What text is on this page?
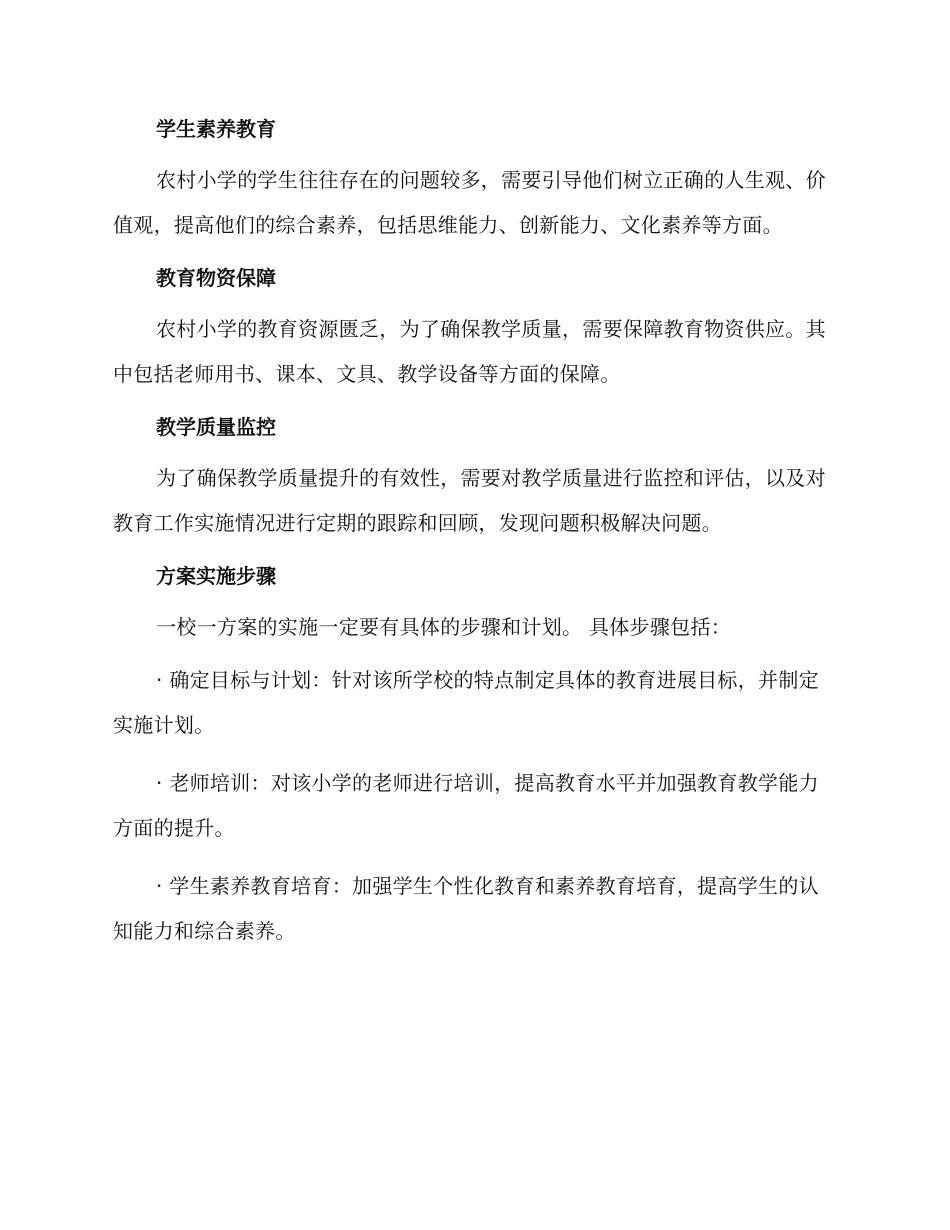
学生素养教育
农村小学的学生往往存在的问题较多，需要引导他们树立正确的人生观、价值观，提高他们的综合素养，包括思维能力、创新能力、文化素养等方面。
教育物资保障
农村小学的教育资源匮乏，为了确保教学质量，需要保障教育物资供应。其中包括老师用书、课本、文具、教学设备等方面的保障。
教学质量监控
为了确保教学质量提升的有效性，需要对教学质量进行监控和评估，以及对教育工作实施情况进行定期的跟踪和回顾，发现问题积极解决问题。
方案实施步骤
一校一方案的实施一定要有具体的步骤和计划。 具体步骤包括：
· 确定目标与计划：针对该所学校的特点制定具体的教育进展目标，并制定实施计划。
· 老师培训：对该小学的老师进行培训，提高教育水平并加强教育教学能力方面的提升。
· 学生素养教育培育：加强学生个性化教育和素养教育培育，提高学生的认知能力和综合素养。
